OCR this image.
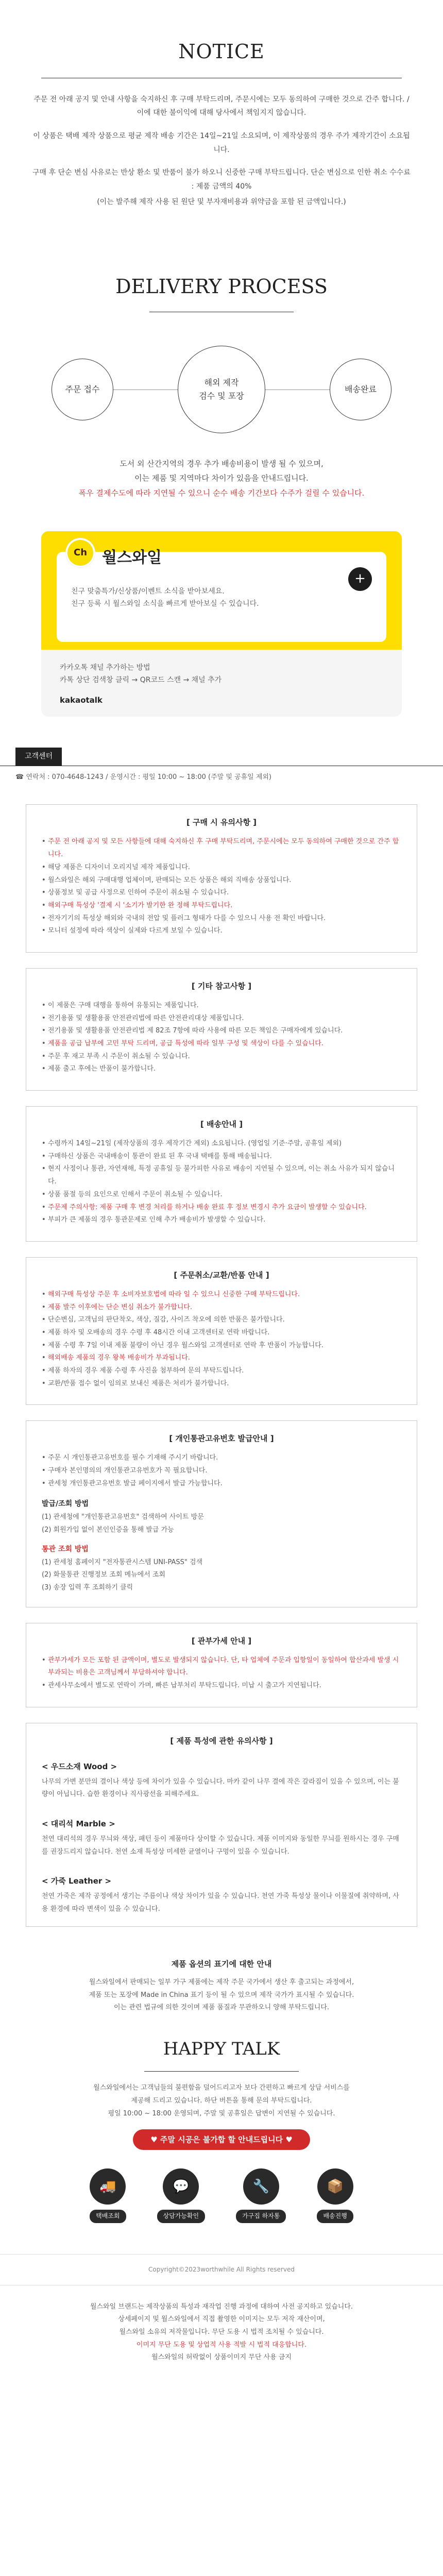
NOTICE

주문 전 아래 공지 및 안내 사항을 숙지하신 후 구매 부탁드리며, 주문시에는 모두 동의하여 구매한 것으로 간주 합니다. / 이에 대한 불이익에 대해 당사에서 책임지지 않습니다.

이 상품은 택배 제작 상품으로 평균 제작 배송 기간은 14일~21일 소요되며, 이 제작상품의 경우 주가 제작기간이 소요됩니다.

구매 후 단순 변심 사유로는 반상 환소 및 반품이 불가 하오니 신중한 구매 부탁드립니다. 단순 변심으로 인한 취소 수수료 : 제품 금액의 40%

(이는 발주해 제작 사용 된 원단 및 부자재비용과 위약금을 포함 된 금액입니다.)

DELIVERY PROCESS
주문 접수
해외 제작
검수 및 포장
배송완료

도서 외 산간지역의 경우 추가 배송비용이 발생 될 수 있으며,

이는 제품 및 지역마다 차이가 있음을 안내드립니다.

폭우 결제수도에 따라 지연될 수 있으니 순수 배송 기간보다 수주가 걸릴 수 있습니다.

Ch 월스와일
+

친구 맞춤특가/신상품/이벤트 소식을 받아보세요.

친구 등록 시 월스와일 소식을 빠르게 받아보실 수 있습니다.

카카오톡 채널 추가하는 방법

카톡 상단 검색창 클릭 → QR코드 스캔 → 채널 추가

kakaotalk

고객센터
☎ 연락처 : 070-4648-1243 / 운영시간 : 평일 10:00 ~ 18:00 (주말 및 공휴일 제외)
[ 구매 시 유의사항 ]
• 주문 전 아래 공지 및 모든 사항들에 대해 숙지하신 후 구매 부탁드리며, 주문시에는 모두 동의하여 구매한 것으로 간주 합니다.
• 해당 제품은 디자이너 오리지널 제작 제품입니다.
• 월스와일은 해외 구매대행 업체이며, 판매되는 모든 상품은 해외 직배송 상품입니다.
• 상품정보 및 공급 사정으로 인하여 주문이 취소될 수 있습니다.
• 해외구매 특성상 '결제 시 '소기가 발기한 완 정해 부탁드립니다.
• 전자기기의 특성상 해외와 국내의 전압 및 플러그 형태가 다를 수 있으니 사용 전 확인 바랍니다.
• 모니터 설정에 따라 색상이 실제와 다르게 보일 수 있습니다.
[ 기타 참고사항 ]
• 이 제품은 구매 대행을 통하여 유통되는 제품입니다.
• 전기용품 및 생활용품 안전관리법에 따른 안전관리대상 제품입니다.
• 전기용품 및 생활용품 안전관리법 제 82조 7항에 따라 사용에 따른 모든 책임은 구매자에게 있습니다.
• 제품을 공급 납부에 고민 부탁 드리며, 공급 특성에 따라 일부 구성 및 색상이 다를 수 있습니다.
• 주문 후 재고 부족 시 주문이 취소될 수 있습니다.
• 제품 출고 후에는 반품이 불가합니다.
[ 배송안내 ]
• 수령까지 14일~21일 (제작상품의 경우 제작기간 제외) 소요됩니다. (영업일 기준·주말, 공휴일 제외)
• 구매하신 상품은 국내배송이 통관이 완료 된 후 국내 택배를 통해 배송됩니다.
• 현지 사정이나 통관, 자연재해, 특정 공휴일 등 불가피한 사유로 배송이 지연될 수 있으며, 이는 취소 사유가 되지 않습니다.
• 상품 품절 등의 요인으로 인해서 주문이 취소될 수 있습니다.
• 주문제 주의사항: 제품 구매 후 변경 처리를 하거나 배송 완료 후 정보 변경시 추가 요금이 발생할 수 있습니다.
• 부피가 큰 제품의 경우 통관문제로 인해 추가 배송비가 발생할 수 있습니다.
[ 주문취소/교환/반품 안내 ]
• 해외구매 특성상 주문 후 소비자보호법에 따라 일 수 있으니 신중한 구매 부탁드립니다.
• 제품 발주 이후에는 단순 변심 취소가 불가합니다.
• 단순변심, 고객님의 판단착오, 색상, 질감, 사이즈 착오에 의한 반품은 불가합니다.
• 제품 하자 및 오배송의 경우 수령 후 48시간 이내 고객센터로 연락 바랍니다.
• 제품 수령 후 7일 이내 제품 불량이 아닌 경우 월스와일 고객센터로 연락 후 반품이 가능합니다.
• 해외배송 제품의 경우 왕복 배송비가 부과됩니다.
• 제품 하자의 경우 제품 수령 후 사진을 첨부하여 문의 부탁드립니다.
• 교환/반품 접수 없이 임의로 보내신 제품은 처리가 불가합니다.
[ 개인통관고유번호 발급안내 ]
• 주문 시 개인통관고유번호를 필수 기재해 주시기 바랍니다.
• 구매자 본인명의의 개인통관고유번호가 꼭 필요합니다.
• 관세청 개인통관고유번호 발급 페이지에서 발급 가능합니다.
발급/조회 방법

(1) 관세청에 "개인통관고유번호" 검색하여 사이트 방문

(2) 회원가입 없이 본인인증을 통해 발급 가능

통관 조회 방법

(1) 관세청 홈페이지 "전자통관시스템 UNI-PASS" 검색

(2) 화물통관 진행정보 조회 메뉴에서 조회

(3) 송장 입력 후 조회하기 클릭

[ 관부가세 안내 ]
• 관부가세가 모든 포함 된 금액이며, 별도로 발생되지 않습니다. 단, 타 업체에 주문과 입항일이 동일하여 합산과세 발생 시 부과되는 비용은 고객님께서 부담하셔야 합니다.
• 관세사무소에서 별도로 연락이 가며, 빠른 납부처리 부탁드립니다. 미납 시 출고가 지연됩니다.
[ 제품 특성에 관한 유의사항 ]
< 우드소재 Wood >

나무의 가변 분만의 결이나 색상 등에 차이가 있을 수 있습니다. 마카 같이 나무 결에 작은 갈라짐이 있을 수 있으며, 이는 불량이 아닙니다. 습한 환경이나 직사광선을 피해주세요.

< 대리석 Marble >

천연 대리석의 경우 무늬와 색상, 패턴 등이 제품마다 상이할 수 있습니다. 제품 이미지와 동일한 무늬를 원하시는 경우 구매를 권장드리지 않습니다. 천연 소재 특성상 미세한 균열이나 구멍이 있을 수 있습니다.

< 가죽 Leather >

천연 가죽은 제작 공정에서 생기는 주름이나 색상 차이가 있을 수 있습니다. 천연 가죽 특성상 물이나 이물질에 취약하며, 사용 환경에 따라 변색이 있을 수 있습니다.

제품 옵션의 표기에 대한 안내

월스와일에서 판매되는 일부 가구 제품에는 제작 주문 국가에서 생산 후 출고되는 과정에서,

제품 또는 포장에 Made in China 표기 등이 될 수 있으며 제작 국가가 표시될 수 있습니다.

이는 관련 법규에 의한 것이며 제품 품질과 무관하오니 양해 부탁드립니다.

HAPPY TALK

월스와일에서는 고객님들의 불편함을 덜어드리고자 보다 간편하고 빠르게 상담 서비스를

제공해 드리고 있습니다. 하단 버튼을 통해 문의 부탁드립니다.

평일 10:00 ~ 18:00 운영되며, 주말 및 공휴일은 답변이 지연될 수 있습니다.

♥ 주말 시공은 불가합 할 안내드립니다 ♥
🚚
택배조회
💬
상담가능확인
🔧
가구집 하자통
📦
배송진행
Copyright©2023worthwhile All Rights reserved

월스와일 브랜드는 제작상품의 특성과 재작업 진행 과정에 대하여 사전 공지하고 있습니다.

상세페이지 및 월스와일에서 직접 촬영한 이미지는 모두 저작 재산이며,

월스와일 소유의 저작물입니다. 무단 도용 시 법적 조치될 수 있습니다.

이미지 무단 도용 및 상업적 사용 적발 시 법적 대응합니다.

월스와일의 허락없이 상품이미지 무단 사용 금지
